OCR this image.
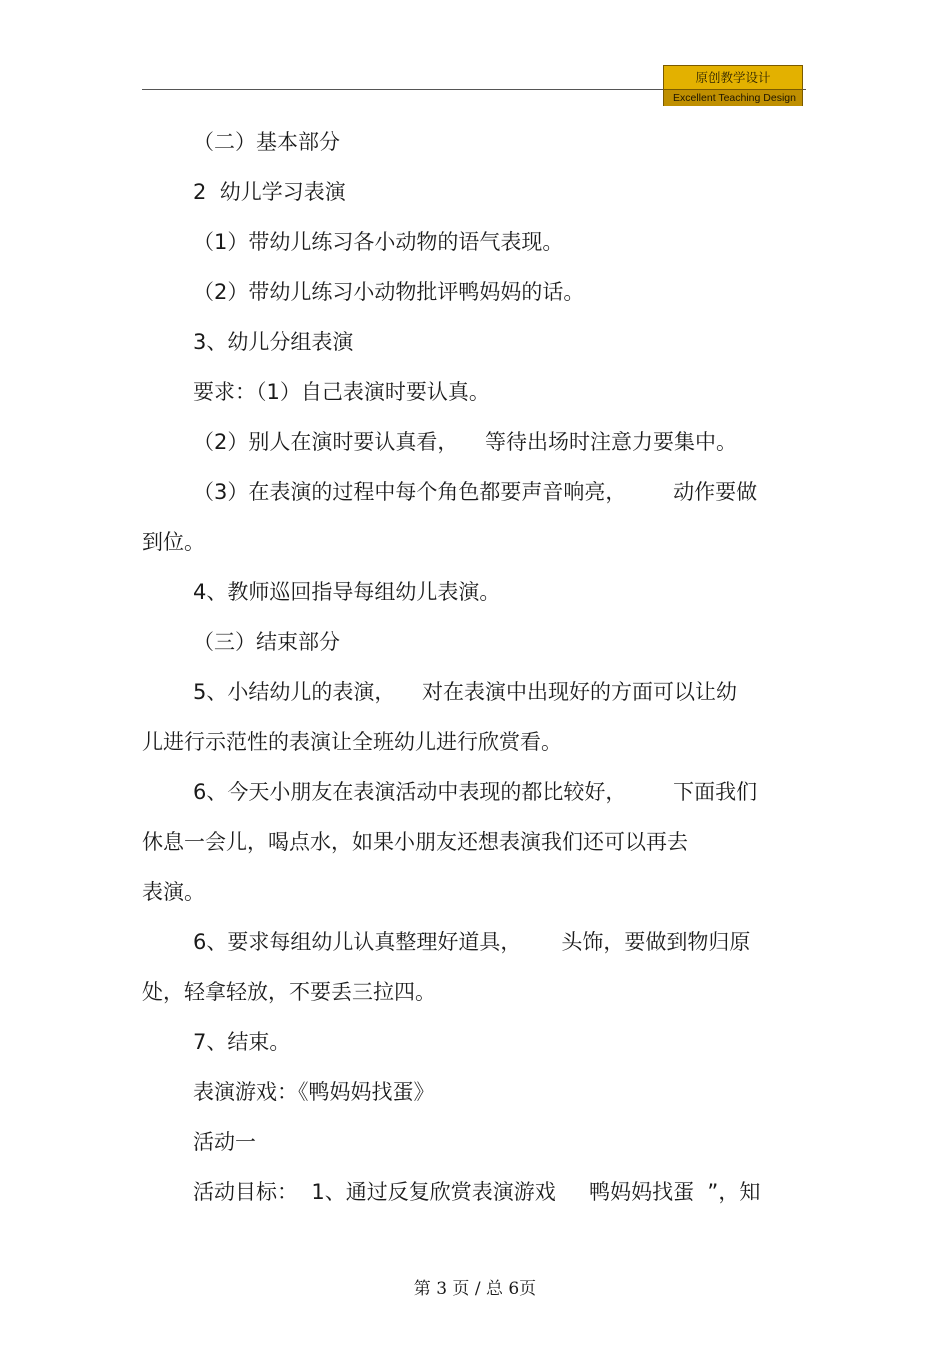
原创教学设计
Excellent Teaching Design
（二）基本部分
2  幼儿学习表演
（1）带幼儿练习各小动物的语气表现。
（2）带幼儿练习小动物批评鸭妈妈的话。
3、幼儿分组表演
要求：（1）自己表演时要认真。
（2）别人在演时要认真看，    等待出场时注意力要集中。
（3）在表演的过程中每个角色都要声音响亮，       动作要做
到位。
4、教师巡回指导每组幼儿表演。
（三）结束部分
5、小结幼儿的表演，    对在表演中出现好的方面可以让幼
儿进行示范性的表演让全班幼儿进行欣赏看。
6、今天小朋友在表演活动中表现的都比较好，       下面我们
休息一会儿，喝点水，如果小朋友还想表演我们还可以再去
表演。
6、要求每组幼儿认真整理好道具，      头饰，要做到物归原
处，轻拿轻放，不要丢三拉四。
7、结束。
表演游戏：《鸭妈妈找蛋》
活动一
活动目标：  1、通过反复欣赏表演游戏     鸭妈妈找蛋  ”，知
第 3 页 / 总 6页
